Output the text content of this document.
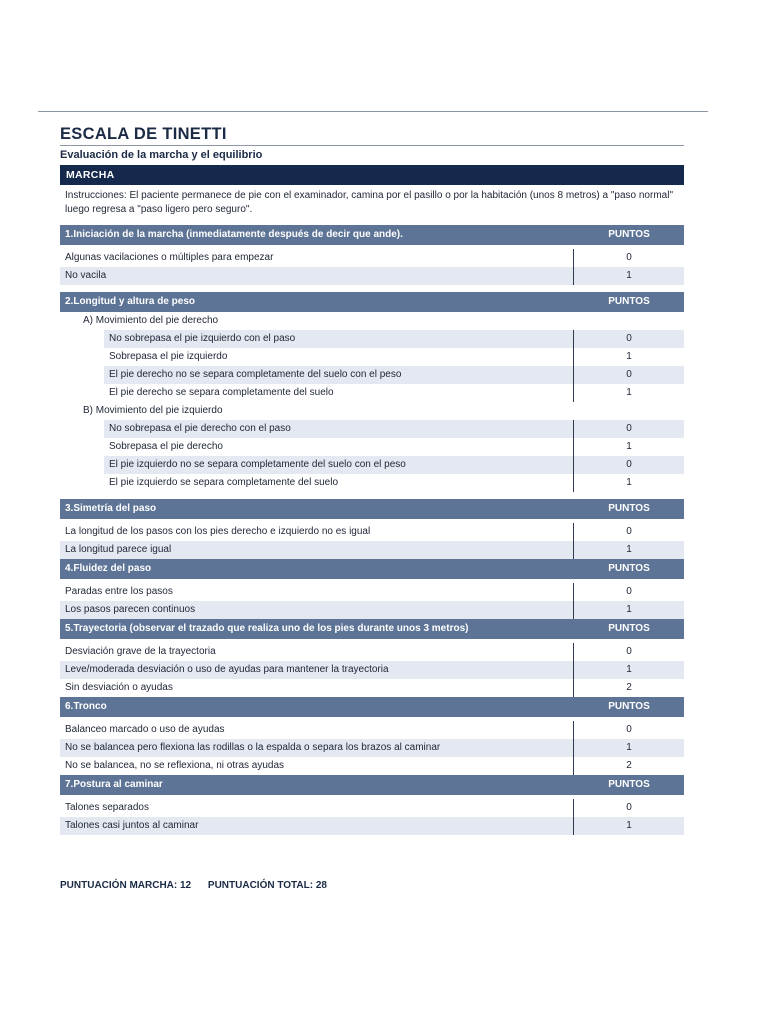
ESCALA DE TINETTI
Evaluación de la marcha y el equilibrio
MARCHA
Instrucciones: El paciente permanece de pie con el examinador, camina por el pasillo o por la habitación (unos 8 metros) a "paso normal" luego regresa a "paso ligero pero seguro".
1.Iniciación de la marcha (inmediatamente después de decir que ande).	PUNTOS
Algunas vacilaciones o múltiples para empezar	0
No vacila	1
2.Longitud y altura de peso	PUNTOS
A) Movimiento del pie derecho
No sobrepasa el pie izquierdo con el paso	0
Sobrepasa el pie izquierdo	1
El pie derecho no se separa completamente del suelo con el peso	0
El pie derecho se separa completamente del suelo	1
B) Movimiento del pie izquierdo
No sobrepasa el pie derecho con el paso	0
Sobrepasa el pie derecho	1
El pie izquierdo no se separa completamente del suelo con el peso	0
El pie izquierdo se separa completamente del suelo	1
3.Simetría del paso	PUNTOS
La longitud de los pasos con los pies derecho e izquierdo no es igual	0
La longitud parece igual	1
4.Fluidez del paso	PUNTOS
Paradas entre los pasos	0
Los pasos parecen continuos	1
5.Trayectoria (observar el trazado que realiza uno de los pies durante unos 3 metros)	PUNTOS
Desviación grave de la trayectoria	0
Leve/moderada desviación o uso de ayudas para mantener la trayectoria	1
Sin desviación o ayudas	2
6.Tronco	PUNTOS
Balanceo marcado o uso de ayudas	0
No se balancea pero flexiona las rodillas o la espalda o separa los brazos al caminar	1
No se balancea, no se reflexiona, ni otras ayudas	2
7.Postura al caminar	PUNTOS
Talones separados	0
Talones casi juntos al caminar	1
PUNTUACIÓN MARCHA: 12 PUNTUACIÓN TOTAL: 28
